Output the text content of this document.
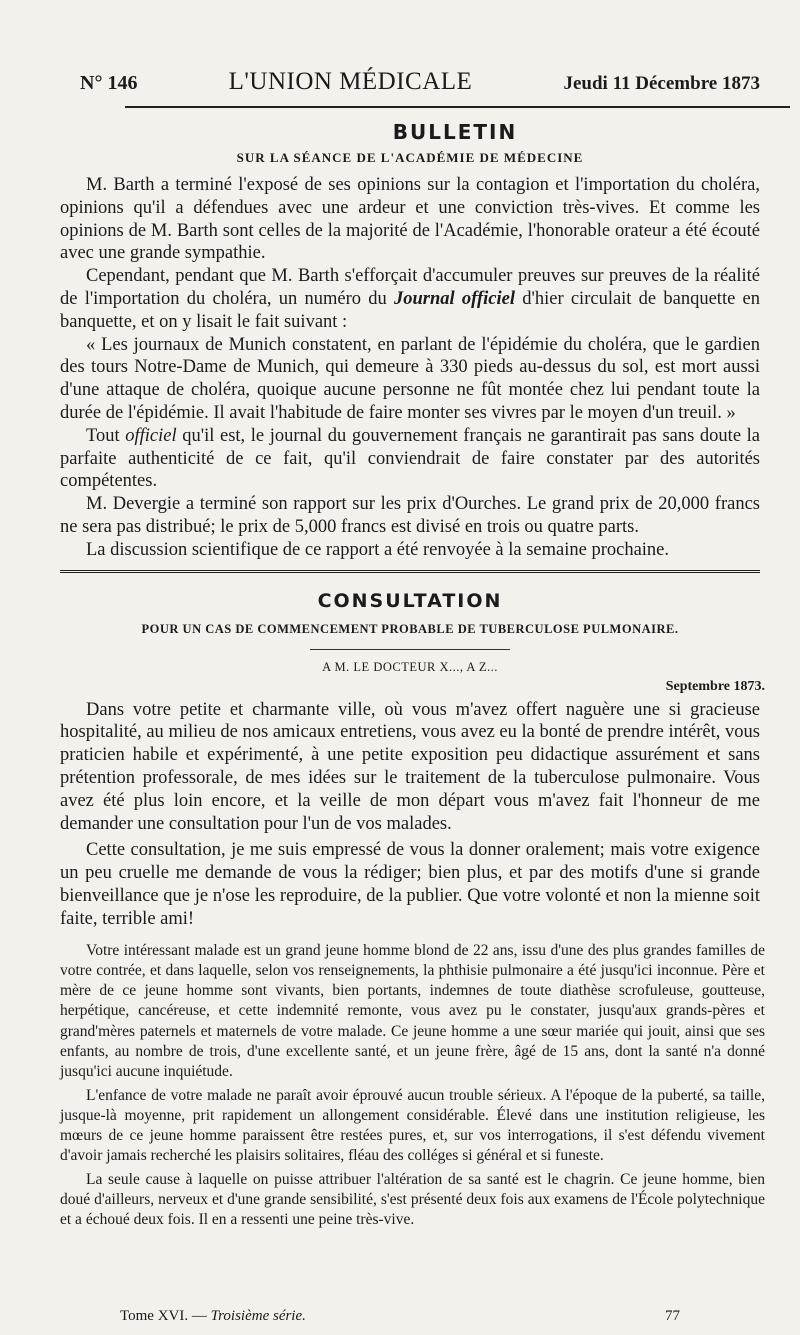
N° 146	L'UNION MÉDICALE	Jeudi 11 Décembre 1873
BULLETIN
SUR LA SÉANCE DE L'ACADÉMIE DE MÉDECINE

M. Barth a terminé l'exposé de ses opinions sur la contagion et l'importation du choléra, opinions qu'il a défendues avec une ardeur et une conviction très-vives. Et comme les opinions de M. Barth sont celles de la majorité de l'Académie, l'honorable orateur a été écouté avec une grande sympathie.

Cependant, pendant que M. Barth s'efforçait d'accumuler preuves sur preuves de la réalité de l'importation du choléra, un numéro du Journal officiel d'hier circulait de banquette en banquette, et on y lisait le fait suivant :

« Les journaux de Munich constatent, en parlant de l'épidémie du choléra, que le gardien des tours Notre-Dame de Munich, qui demeure à 330 pieds au-dessus du sol, est mort aussi d'une attaque de choléra, quoique aucune personne ne fût montée chez lui pendant toute la durée de l'épidémie. Il avait l'habitude de faire monter ses vivres par le moyen d'un treuil. »

Tout officiel qu'il est, le journal du gouvernement français ne garantirait pas sans doute la parfaite authenticité de ce fait, qu'il conviendrait de faire constater par des autorités compétentes.

M. Devergie a terminé son rapport sur les prix d'Ourches. Le grand prix de 20,000 francs ne sera pas distribué; le prix de 5,000 francs est divisé en trois ou quatre parts.

La discussion scientifique de ce rapport a été renvoyée à la semaine prochaine.

CONSULTATION
POUR UN CAS DE COMMENCEMENT PROBABLE DE TUBERCULOSE PULMONAIRE.
A M. LE DOCTEUR X..., A Z...
Septembre 1873.

Dans votre petite et charmante ville, où vous m'avez offert naguère une si gracieuse hospitalité, au milieu de nos amicaux entretiens, vous avez eu la bonté de prendre intérêt, vous praticien habile et expérimenté, à une petite exposition peu didactique assurément et sans prétention professorale, de mes idées sur le traitement de la tuberculose pulmonaire. Vous avez été plus loin encore, et la veille de mon départ vous m'avez fait l'honneur de me demander une consultation pour l'un de vos malades.

Cette consultation, je me suis empressé de vous la donner oralement; mais votre exigence un peu cruelle me demande de vous la rédiger; bien plus, et par des motifs d'une si grande bienveillance que je n'ose les reproduire, de la publier. Que votre volonté et non la mienne soit faite, terrible ami!

Votre intéressant malade est un grand jeune homme blond de 22 ans, issu d'une des plus grandes familles de votre contrée, et dans laquelle, selon vos renseignements, la phthisie pulmonaire a été jusqu'ici inconnue. Père et mère de ce jeune homme sont vivants, bien portants, indemnes de toute diathèse scrofuleuse, goutteuse, herpétique, cancéreuse, et cette indemnité remonte, vous avez pu le constater, jusqu'aux grands-pères et grand'mères paternels et maternels de votre malade. Ce jeune homme a une sœur mariée qui jouit, ainsi que ses enfants, au nombre de trois, d'une excellente santé, et un jeune frère, âgé de 15 ans, dont la santé n'a donné jusqu'ici aucune inquiétude.

L'enfance de votre malade ne paraît avoir éprouvé aucun trouble sérieux. A l'époque de la puberté, sa taille, jusque-là moyenne, prit rapidement un allongement considérable. Élevé dans une institution religieuse, les mœurs de ce jeune homme paraissent être restées pures, et, sur vos interrogations, il s'est défendu vivement d'avoir jamais recherché les plaisirs solitaires, fléau des colléges si général et si funeste.

La seule cause à laquelle on puisse attribuer l'altération de sa santé est le chagrin. Ce jeune homme, bien doué d'ailleurs, nerveux et d'une grande sensibilité, s'est présenté deux fois aux examens de l'École polytechnique et a échoué deux fois. Il en a ressenti une peine très-vive.

Tome XVI. — Troisième série.	77
